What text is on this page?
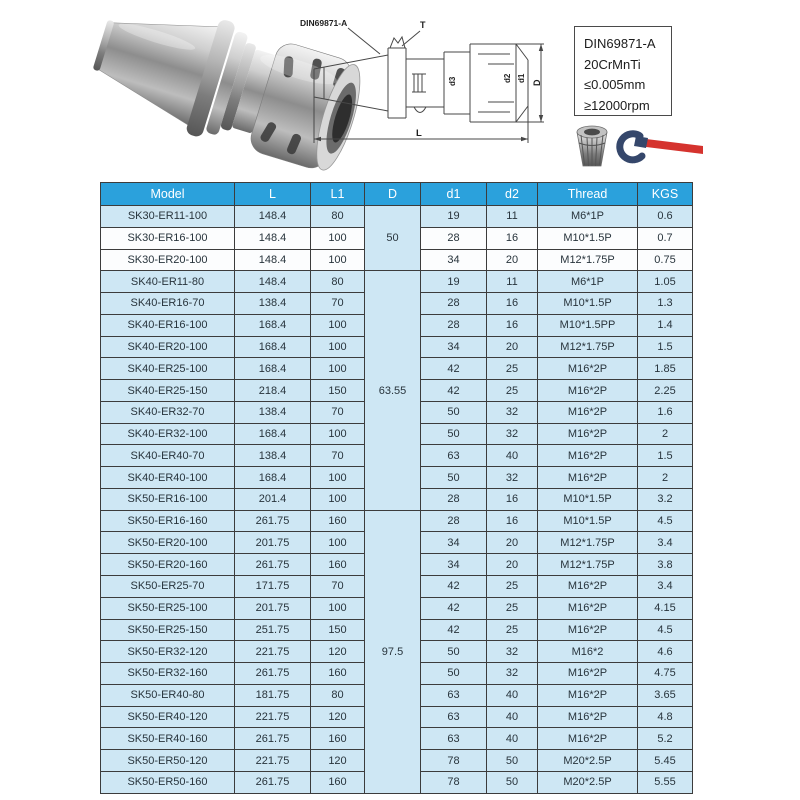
DIN69871-A	T
d3	d2 d1 D
L
DIN69871-A
20CrMnTi
≤0.005mm
≥12000rpm
Model	L	L1	D	d1	d2	Thread	KGS
SK30-ER11-100	148.4	80	50	19	11	M6*1P	0.6
SK30-ER16-100	148.4	100		28	16	M10*1.5P	0.7
SK30-ER20-100	148.4	100		34	20	M12*1.75P	0.75
SK40-ER11-80	148.4	80	63.55	19	11	M6*1P	1.05
SK40-ER16-70	138.4	70		28	16	M10*1.5P	1.3
SK40-ER16-100	168.4	100		28	16	M10*1.5PP	1.4
SK40-ER20-100	168.4	100		34	20	M12*1.75P	1.5
SK40-ER25-100	168.4	100		42	25	M16*2P	1.85
SK40-ER25-150	218.4	150		42	25	M16*2P	2.25
SK40-ER32-70	138.4	70		50	32	M16*2P	1.6
SK40-ER32-100	168.4	100		50	32	M16*2P	2
SK40-ER40-70	138.4	70		63	40	M16*2P	1.5
SK40-ER40-100	168.4	100		50	32	M16*2P	2
SK50-ER16-100	201.4	100		28	16	M10*1.5P	3.2
SK50-ER16-160	261.75	160	97.5	28	16	M10*1.5P	4.5
SK50-ER20-100	201.75	100		34	20	M12*1.75P	3.4
SK50-ER20-160	261.75	160		34	20	M12*1.75P	3.8
SK50-ER25-70	171.75	70		42	25	M16*2P	3.4
SK50-ER25-100	201.75	100		42	25	M16*2P	4.15
SK50-ER25-150	251.75	150		42	25	M16*2P	4.5
SK50-ER32-120	221.75	120		50	32	M16*2	4.6
SK50-ER32-160	261.75	160		50	32	M16*2P	4.75
SK50-ER40-80	181.75	80		63	40	M16*2P	3.65
SK50-ER40-120	221.75	120		63	40	M16*2P	4.8
SK50-ER40-160	261.75	160		63	40	M16*2P	5.2
SK50-ER50-120	221.75	120		78	50	M20*2.5P	5.45
SK50-ER50-160	261.75	160		78	50	M20*2.5P	5.55
